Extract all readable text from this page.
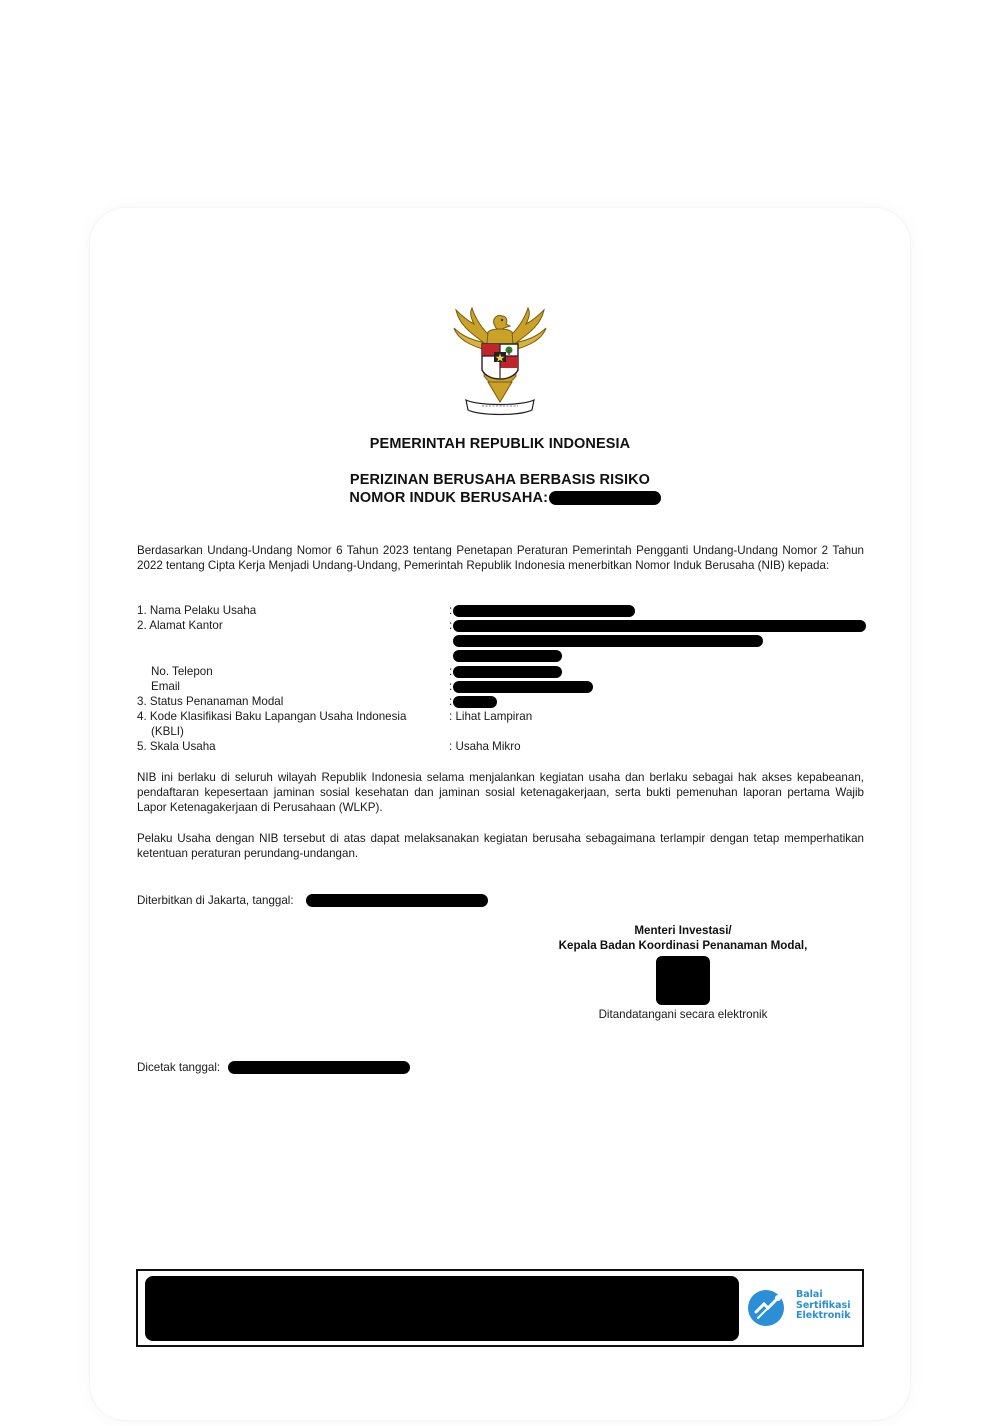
PEMERINTAH REPUBLIK INDONESIA
PERIZINAN BERUSAHA BERBASIS RISIKO
NOMOR INDUK BERUSAHA:
Berdasarkan Undang-Undang Nomor 6 Tahun 2023 tentang Penetapan Peraturan Pemerintah Pengganti Undang-Undang Nomor 2 Tahun 2022 tentang Cipta Kerja Menjadi Undang-Undang, Pemerintah Republik Indonesia menerbitkan Nomor Induk Berusaha (NIB) kepada:
1. Nama Pelaku Usaha	:
2. Alamat Kantor	:
No. Telepon	:
Email	:
3. Status Penanaman Modal	:
4. Kode Klasifikasi Baku Lapangan Usaha Indonesia
(KBLI)
: Lihat Lampiran
5. Skala Usaha	: Usaha Mikro
NIB ini berlaku di seluruh wilayah Republik Indonesia selama menjalankan kegiatan usaha dan berlaku sebagai hak akses kepabeanan, pendaftaran kepesertaan jaminan sosial kesehatan dan jaminan sosial ketenagakerjaan, serta bukti pemenuhan laporan pertama Wajib Lapor Ketenagakerjaan di Perusahaan (WLKP).
Pelaku Usaha dengan NIB tersebut di atas dapat melaksanakan kegiatan berusaha sebagaimana terlampir dengan tetap memperhatikan ketentuan peraturan perundang-undangan.
Diterbitkan di Jakarta, tanggal:
Menteri Investasi/
Kepala Badan Koordinasi Penanaman Modal,
Ditandatangani secara elektronik
Dicetak tanggal:
Balai
Sertifikasi
Elektronik
